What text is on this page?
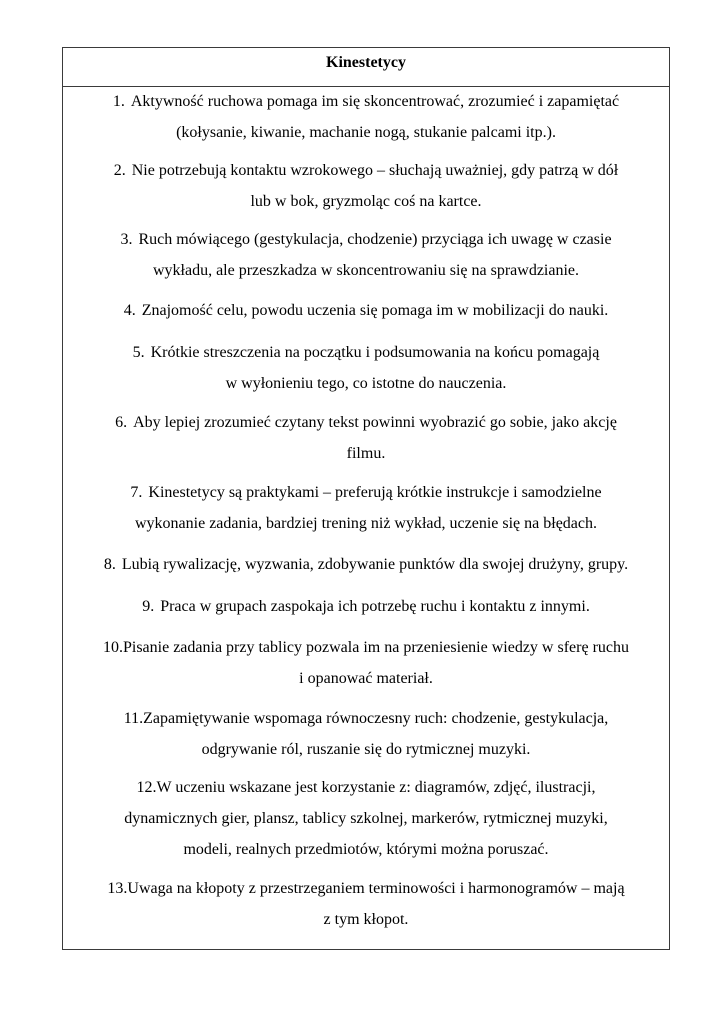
Kinestetycy
1. Aktywność ruchowa pomaga im się skoncentrować, zrozumieć i zapamiętać
(kołysanie, kiwanie, machanie nogą, stukanie palcami itp.).
2. Nie potrzebują kontaktu wzrokowego – słuchają uważniej, gdy patrzą w dół
lub w bok, gryzmoląc coś na kartce.
3. Ruch mówiącego (gestykulacja, chodzenie) przyciąga ich uwagę w czasie
wykładu, ale przeszkadza w skoncentrowaniu się na sprawdzianie.
4. Znajomość celu, powodu uczenia się pomaga im w mobilizacji do nauki.
5. Krótkie streszczenia na początku i podsumowania na końcu pomagają
w wyłonieniu tego, co istotne do nauczenia.
6. Aby lepiej zrozumieć czytany tekst powinni wyobrazić go sobie, jako akcję
filmu.
7. Kinestetycy są praktykami – preferują krótkie instrukcje i samodzielne
wykonanie zadania, bardziej trening niż wykład, uczenie się na błędach.
8. Lubią rywalizację, wyzwania, zdobywanie punktów dla swojej drużyny, grupy.
9. Praca w grupach zaspokaja ich potrzebę ruchu i kontaktu z innymi.
10.Pisanie zadania przy tablicy pozwala im na przeniesienie wiedzy w sferę ruchu
i opanować materiał.
11.Zapamiętywanie wspomaga równoczesny ruch: chodzenie, gestykulacja,
odgrywanie ról, ruszanie się do rytmicznej muzyki.
12.W uczeniu wskazane jest korzystanie z: diagramów, zdjęć, ilustracji,
dynamicznych gier, plansz, tablicy szkolnej, markerów, rytmicznej muzyki,
modeli, realnych przedmiotów, którymi można poruszać.
13.Uwaga na kłopoty z przestrzeganiem terminowości i harmonogramów – mają
z tym kłopot.
